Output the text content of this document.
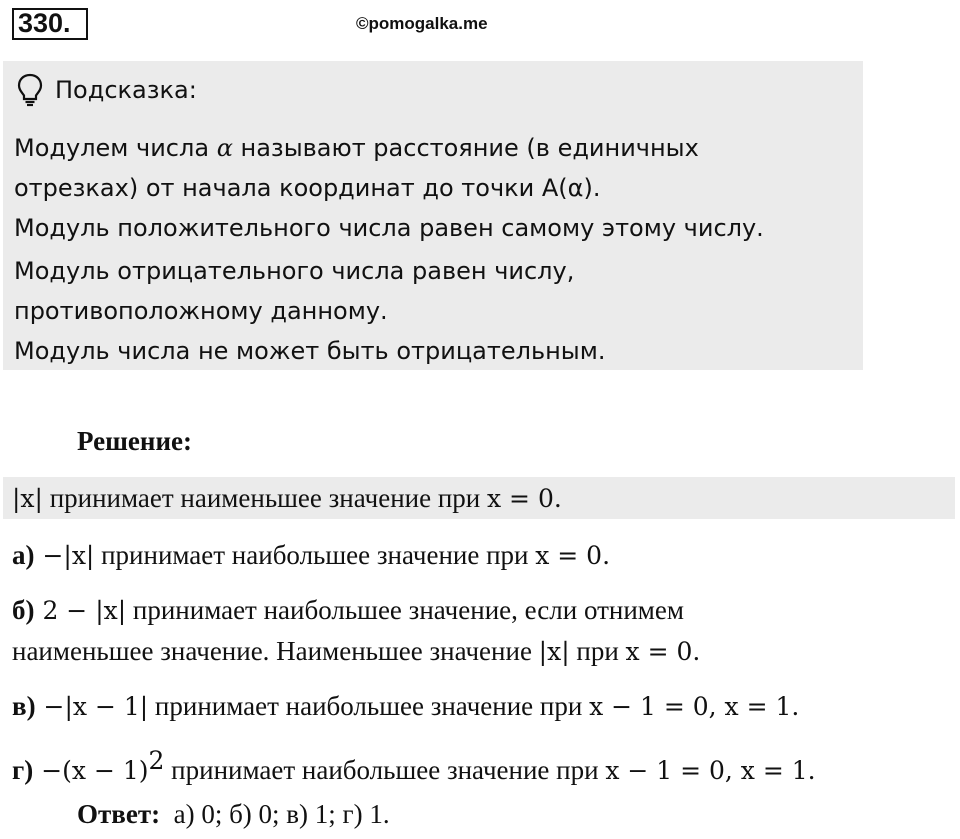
330.	©pomogalka.me
Подсказка:
Модулем числа α называют расстояние (в единичных
отрезках) от начала координат до точки А(α).
Модуль положительного числа равен самому этому числу.
Модуль отрицательного числа равен числу,
противоположному данному.
Модуль числа не может быть отрицательным.
Решение:
|x| принимает наименьшее значение при x = 0.
а) −|x| принимает наибольшее значение при x = 0.
б) 2 − |x| принимает наибольшее значение, если отнимем
наименьшее значение. Наименьшее значение |x| при x = 0.
в) −|x − 1| принимает наибольшее значение при x − 1 = 0, x = 1.
$г) -(x - 1)^2$ принимает наибольшее значение при x − 1 = 0, x = 1.
Ответ: а) 0; б) 0; в) 1; г) 1.
